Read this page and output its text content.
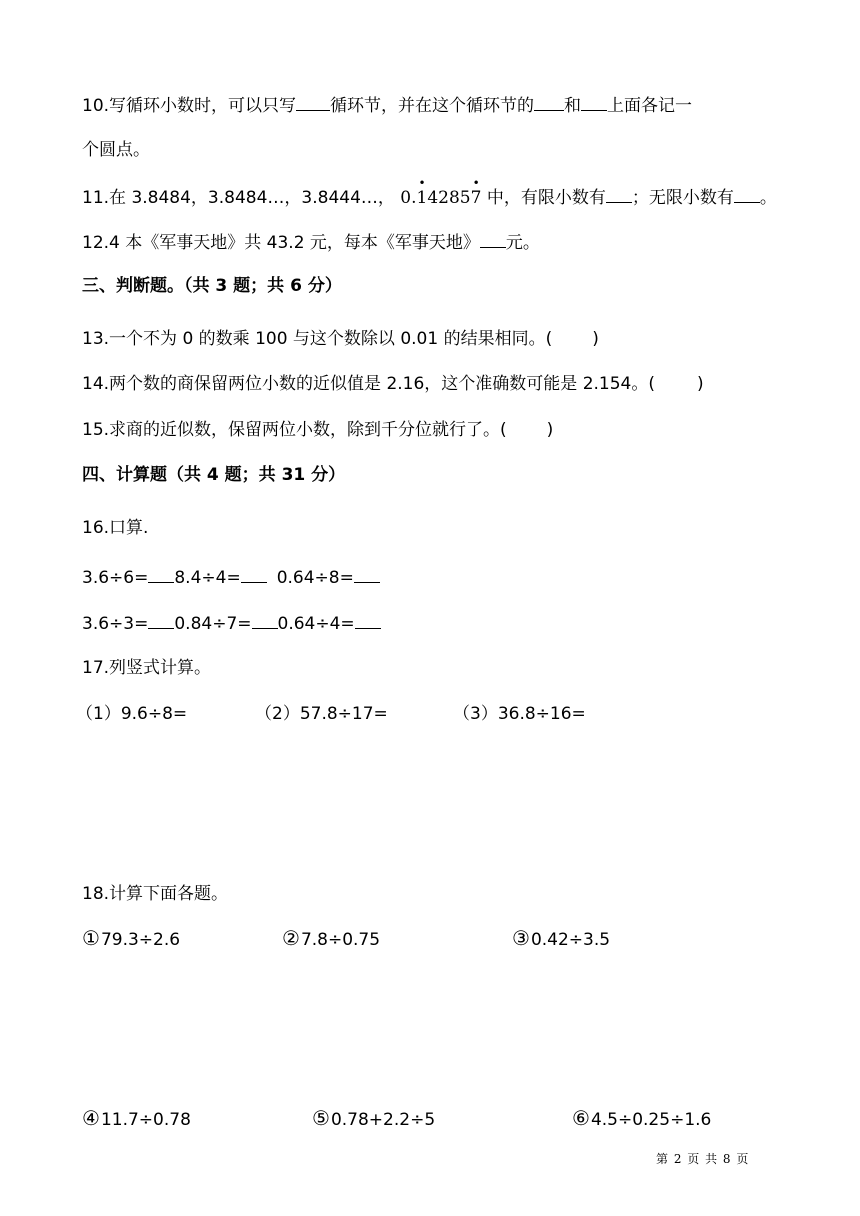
10.写循环小数时，可以只写 循环节，并在这个循环节的 和 上面各记一
个圆点。
11.在 3.8484，3.8484…，3.8444…， 0.
•
14285
•
7 中，有限小数有 ；无限小数有 。
12.4 本《军事天地》共 43.2 元，每本《军事天地》 元。
三、判断题。（共 3 题；共 6 分）
13.一个不为 0 的数乘 100 与这个数除以 0.01 的结果相同。( )
14.两个数的商保留两位小数的近似值是 2.16，这个准确数可能是 2.154。( )
15.求商的近似数，保留两位小数，除到千分位就行了。( )
四、计算题（共 4 题；共 31 分）
16.口算.
3.6÷6= 8.4÷4= 0.64÷8=
3.6÷3= 0.84÷7= 0.64÷4=
17.列竖式计算。
（1）9.6÷8=	（2）57.8÷17=	（3）36.8÷16=
18.计算下面各题。
①79.3÷2.6	②7.8÷0.75	③0.42÷3.5
④11.7÷0.78	⑤0.78+2.2÷5	⑥4.5÷0.25÷1.6
第 2 页 共 8 页
